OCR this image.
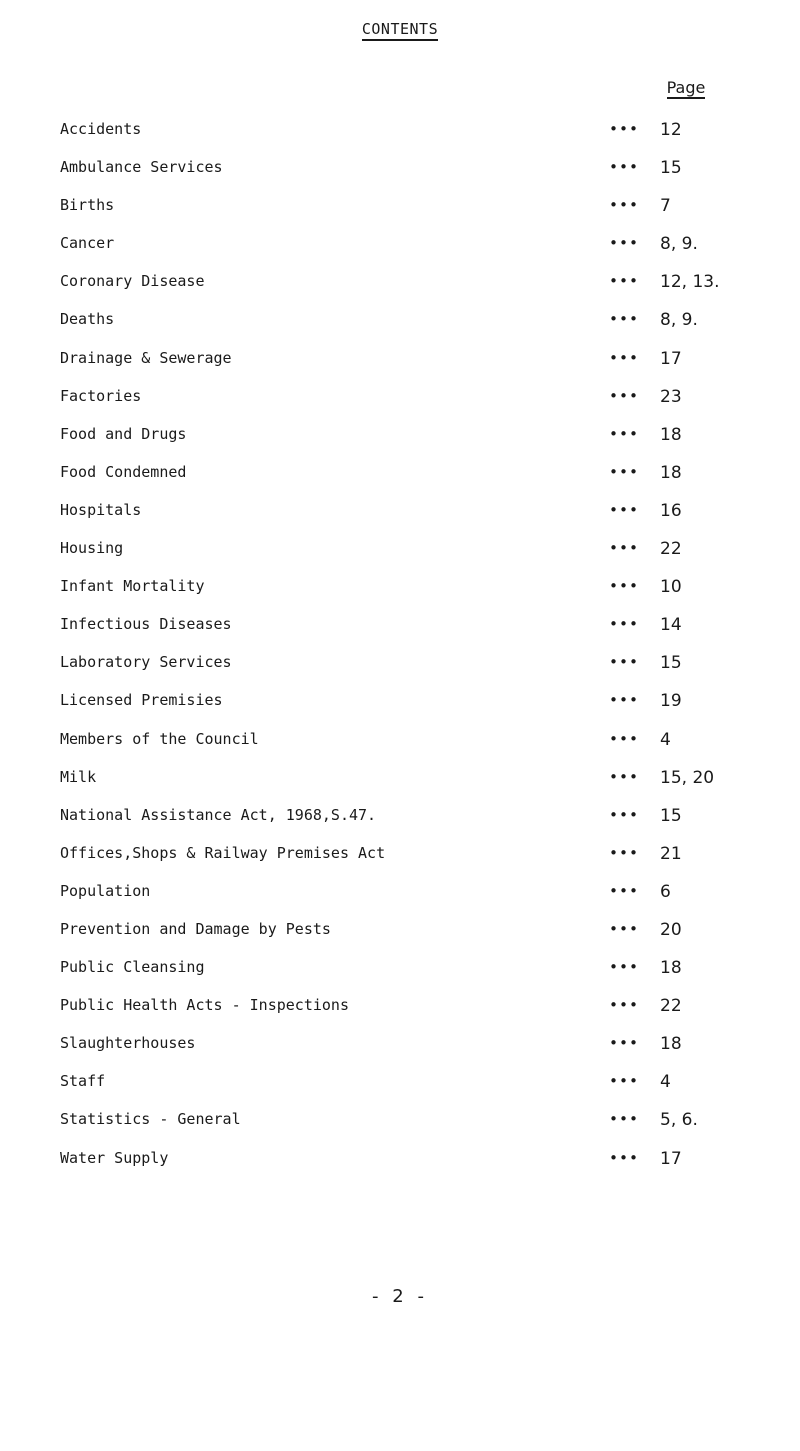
CONTENTS
Page
Accidents	••• 12
Ambulance Services	••• 15
Births	••• 7
Cancer	••• 8, 9.
Coronary Disease	••• 12, 13.
Deaths	••• 8, 9.
Drainage & Sewerage	••• 17
Factories	••• 23
Food and Drugs	••• 18
Food Condemned	••• 18
Hospitals	••• 16
Housing	••• 22
Infant Mortality	••• 10
Infectious Diseases	••• 14
Laboratory Services	••• 15
Licensed Premisies	••• 19
Members of the Council	••• 4
Milk	••• 15, 20
National Assistance Act, 1968,S.47.	••• 15
Offices,Shops & Railway Premises Act	••• 21
Population	••• 6
Prevention and Damage by Pests	••• 20
Public Cleansing	••• 18
Public Health Acts - Inspections	••• 22
Slaughterhouses	••• 18
Staff	••• 4
Statistics - General	••• 5, 6.
Water Supply	••• 17
- 2 -
